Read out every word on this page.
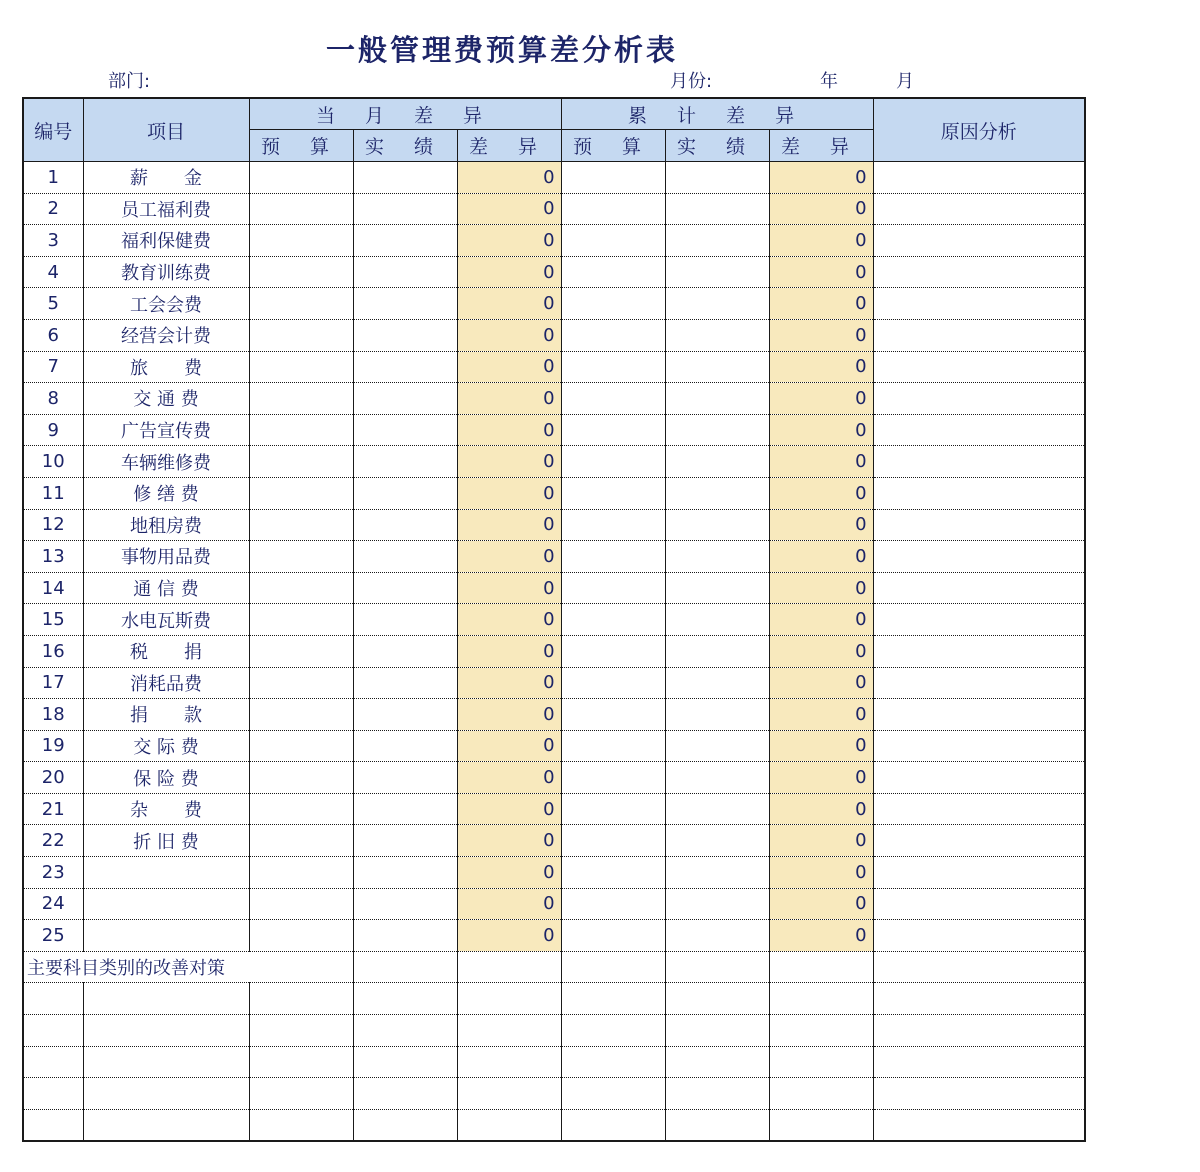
一般管理费预算差分析表
部门:	月份:	年	月
编号	项目	当 月 差 异			累 计 差 异			原因分析
		预 算	实 绩	差 异	预 算	实 绩	差 异	
1	薪　　金			0			0	
2	员工福利费			0			0	
3	福利保健费			0			0	
4	教育训练费			0			0	
5	工会会费			0			0	
6	经营会计费			0			0	
7	旅　　费			0			0	
8	交 通 费			0			0	
9	广告宣传费			0			0	
10	车辆维修费			0			0	
11	修 缮 费			0			0	
12	地租房费			0			0	
13	事物用品费			0			0	
14	通 信 费			0			0	
15	水电瓦斯费			0			0	
16	税　　捐			0			0	
17	消耗品费			0			0	
18	捐　　款			0			0	
19	交 际 费			0			0	
20	保 险 费			0			0	
21	杂　　费			0			0	
22	折 旧 费			0			0	
23				0			0	
24				0			0	
25				0			0	
主要科目类别的改善对策								
